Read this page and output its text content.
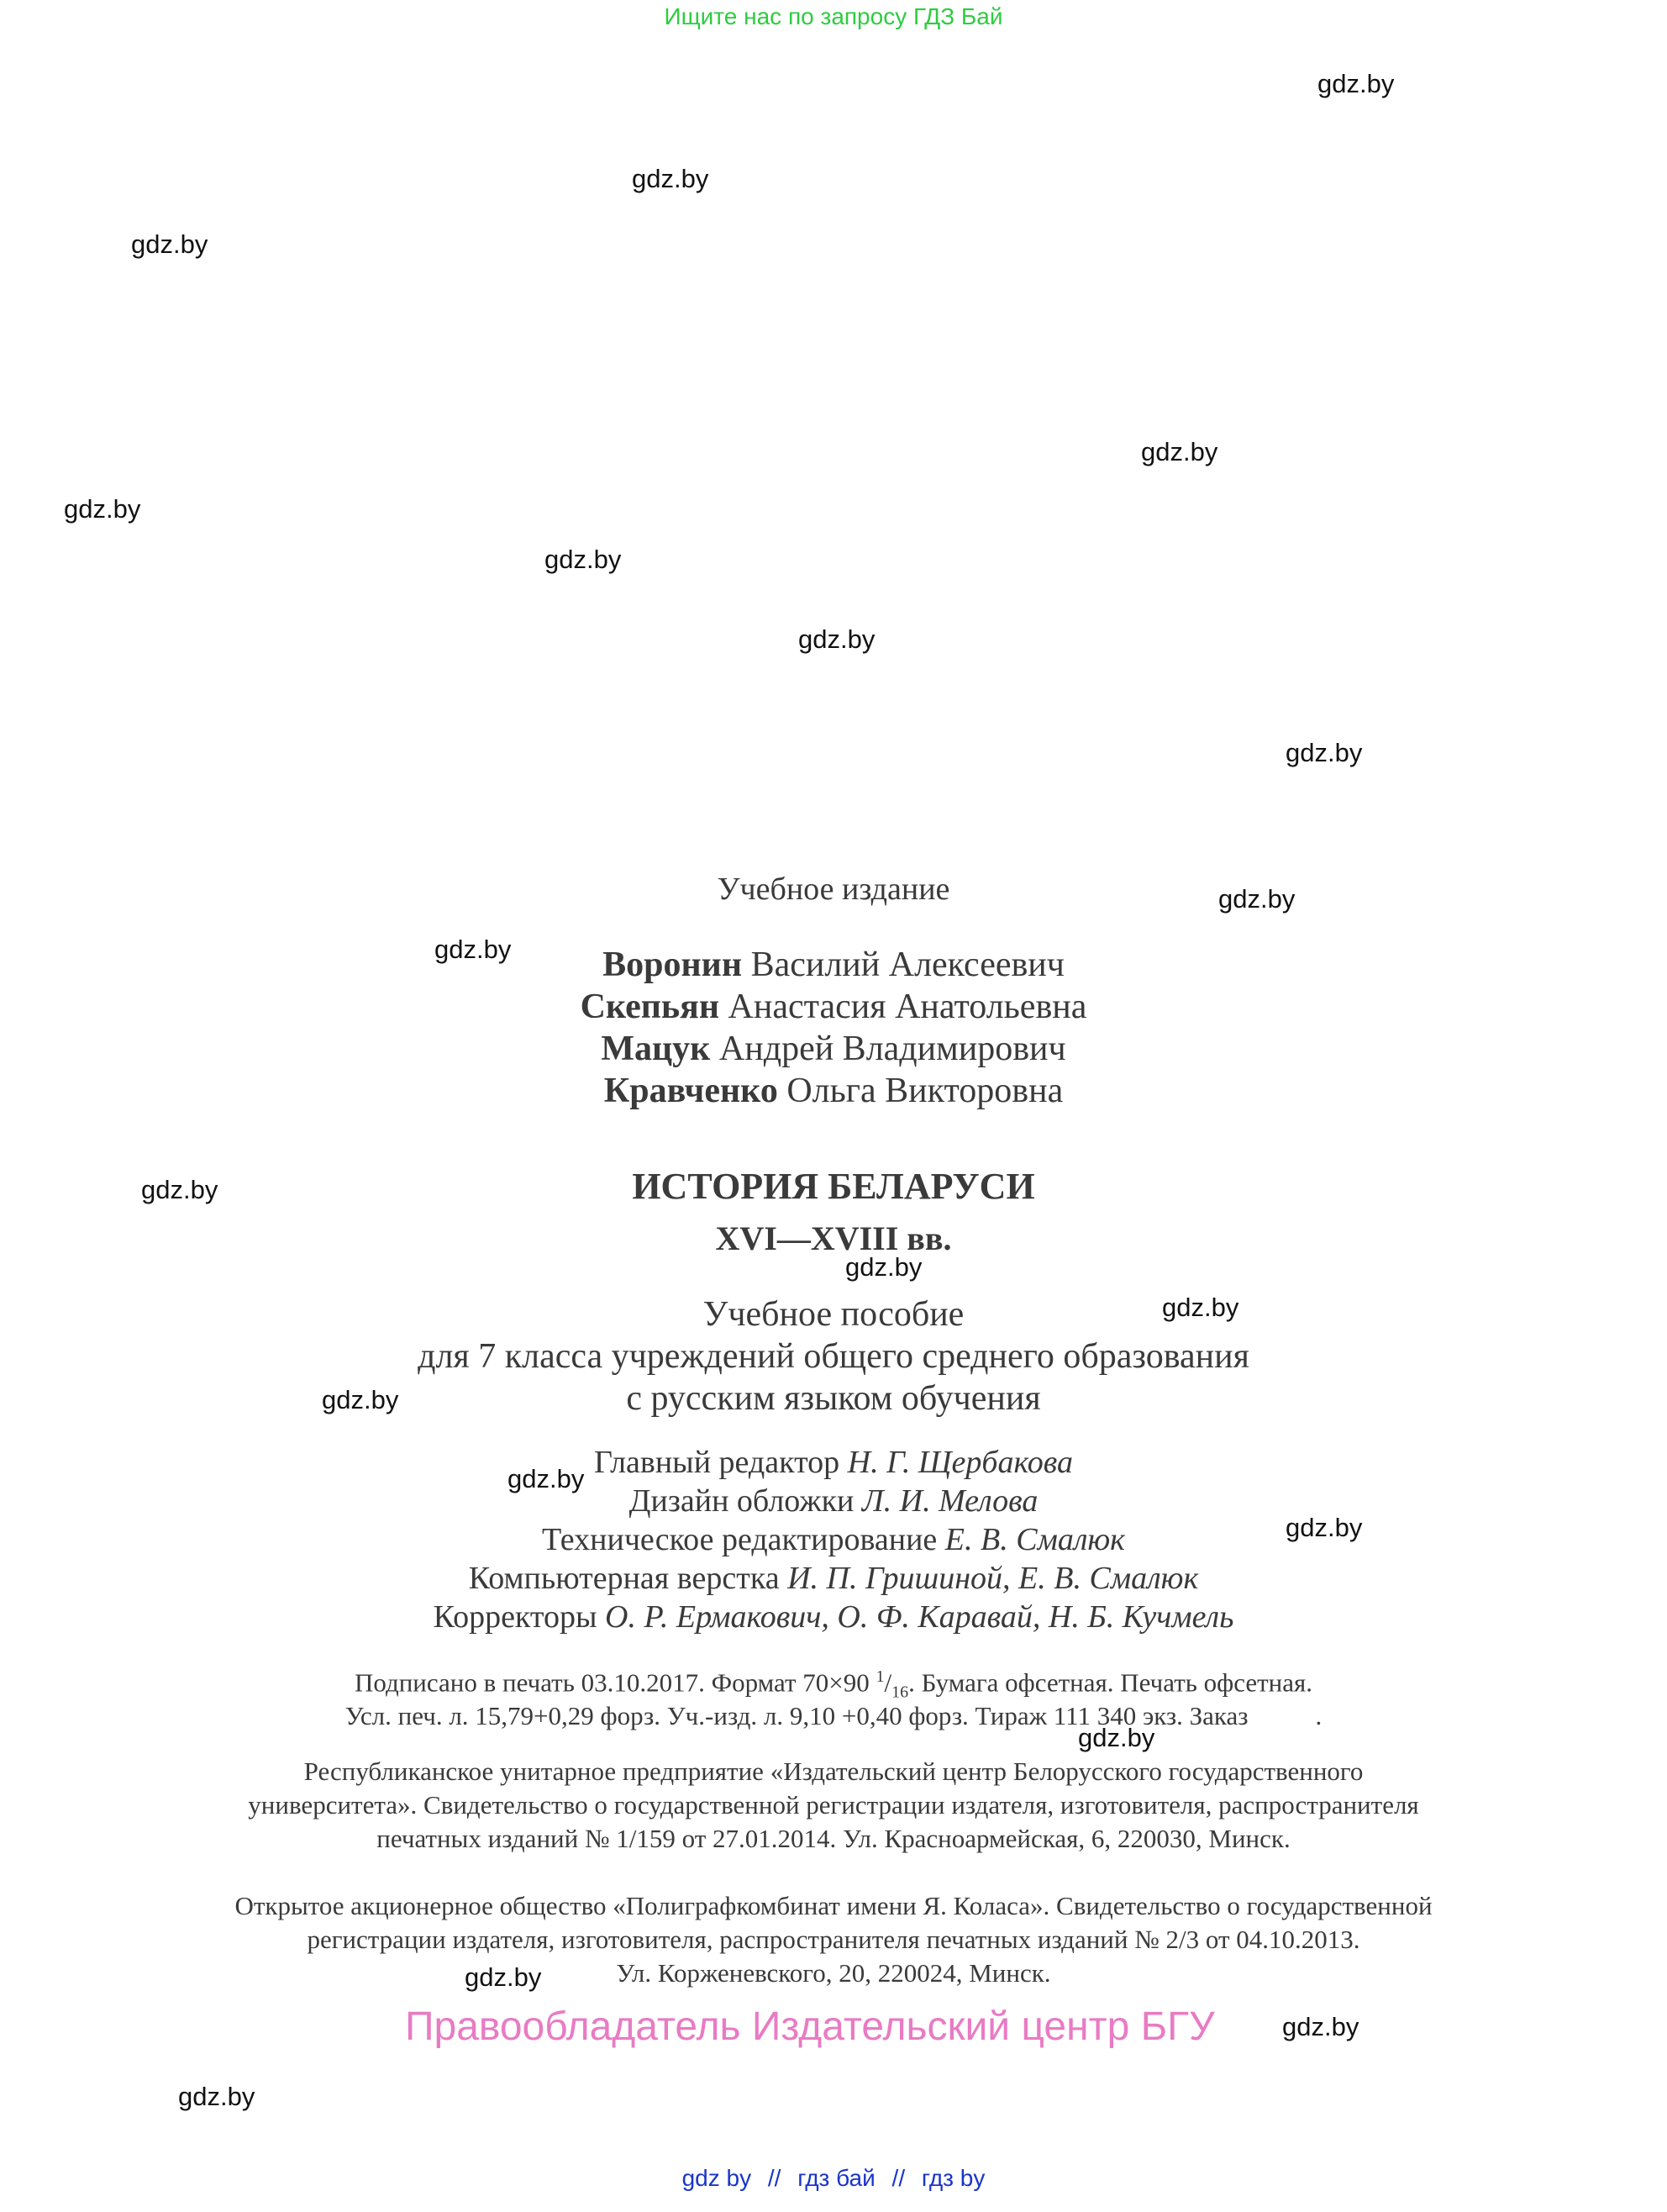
Ищите нас по запросу ГДЗ Бай
gdz.by
gdz.by
gdz.by
gdz.by
gdz.by
gdz.by
gdz.by
gdz.by
gdz.by
gdz.by
gdz.by
gdz.by
gdz.by
gdz.by
gdz.by
gdz.by
gdz.by
gdz.by
gdz.by
gdz.by
Учебное издание
Воронин Василий Алексеевич
Скепьян Анастасия Анатольевна
Мацук Андрей Владимирович
Кравченко Ольга Викторовна
ИСТОРИЯ БЕЛАРУСИ
XVI—XVIII вв.
Учебное пособие
для 7 класса учреждений общего среднего образования
с русским языком обучения
Главный редактор Н. Г. Щербакова
Дизайн обложки Л. И. Мелова
Техническое редактирование Е. В. Смалюк
Компьютерная верстка И. П. Гришиной, Е. В. Смалюк
Корректоры О. Р. Ермакович, О. Ф. Каравай, Н. Б. Кучмель
Подписано в печать 03.10.2017. Формат 70×90 $^1/_{16}$. Бумага офсетная. Печать офсетная.
Усл. печ. л. 15,79+0,29 форз. Уч.-изд. л. 9,10 +0,40 форз. Тираж 111 340 экз. Заказ	.
Республиканское унитарное предприятие «Издательский центр Белорусского государственного
университета». Свидетельство о государственной регистрации издателя, изготовителя, распространителя
печатных изданий № 1/159 от 27.01.2014. Ул. Красноармейская, 6, 220030, Минск.
Открытое акционерное общество «Полиграфкомбинат имени Я. Коласа». Свидетельство о государственной
регистрации издателя, изготовителя, распространителя печатных изданий № 2/3 от 04.10.2013.
Ул. Корженевского, 20, 220024, Минск.
Правообладатель Издательский центр БГУ
gdz by // гдз бай // гдз by
